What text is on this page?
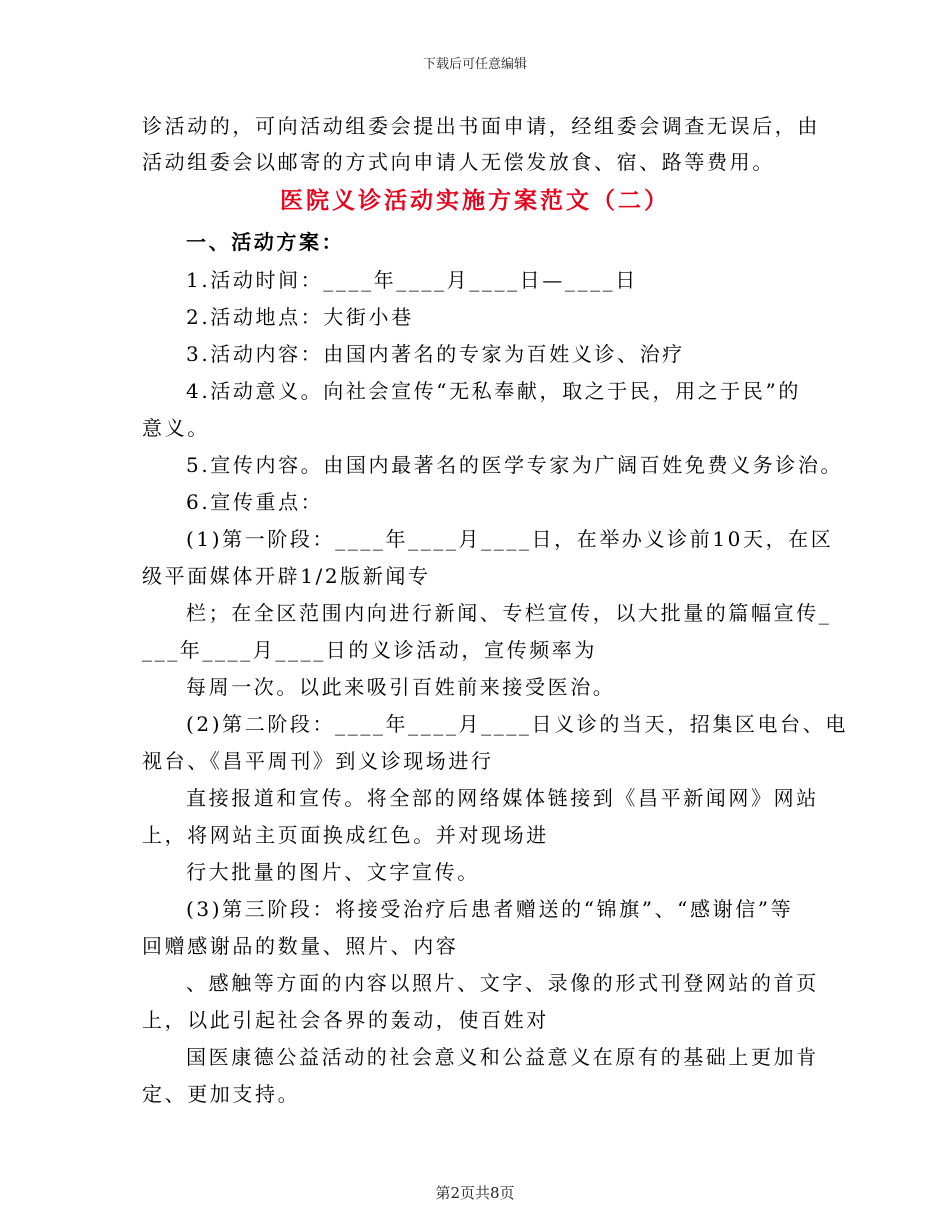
下载后可任意编辑
诊活动的，可向活动组委会提出书面申请，经组委会调查无误后，由
活动组委会以邮寄的方式向申请人无偿发放食、宿、路等费用。
医院义诊活动实施方案范文（二）
一、活动方案：
1.活动时间：____年____月____日—____日
2.活动地点：大街小巷
3.活动内容：由国内著名的专家为百姓义诊、治疗
4.活动意义。向社会宣传“无私奉献，取之于民，用之于民”的
意义。
5.宣传内容。由国内最著名的医学专家为广阔百姓免费义务诊治。
6.宣传重点：
(1)第一阶段：____年____月____日，在举办义诊前10天，在区
级平面媒体开辟1/2版新闻专
栏；在全区范围内向进行新闻、专栏宣传，以大批量的篇幅宣传_
___年____月____日的义诊活动，宣传频率为
每周一次。以此来吸引百姓前来接受医治。
(2)第二阶段：____年____月____日义诊的当天，招集区电台、电
视台、《昌平周刊》到义诊现场进行
直接报道和宣传。将全部的网络媒体链接到《昌平新闻网》网站
上，将网站主页面换成红色。并对现场进
行大批量的图片、文字宣传。
(3)第三阶段：将接受治疗后患者赠送的“锦旗”、“感谢信”等
回赠感谢品的数量、照片、内容
、感触等方面的内容以照片、文字、录像的形式刊登网站的首页
上，以此引起社会各界的轰动，使百姓对
国医康德公益活动的社会意义和公益意义在原有的基础上更加肯
定、更加支持。
第2页共8页
